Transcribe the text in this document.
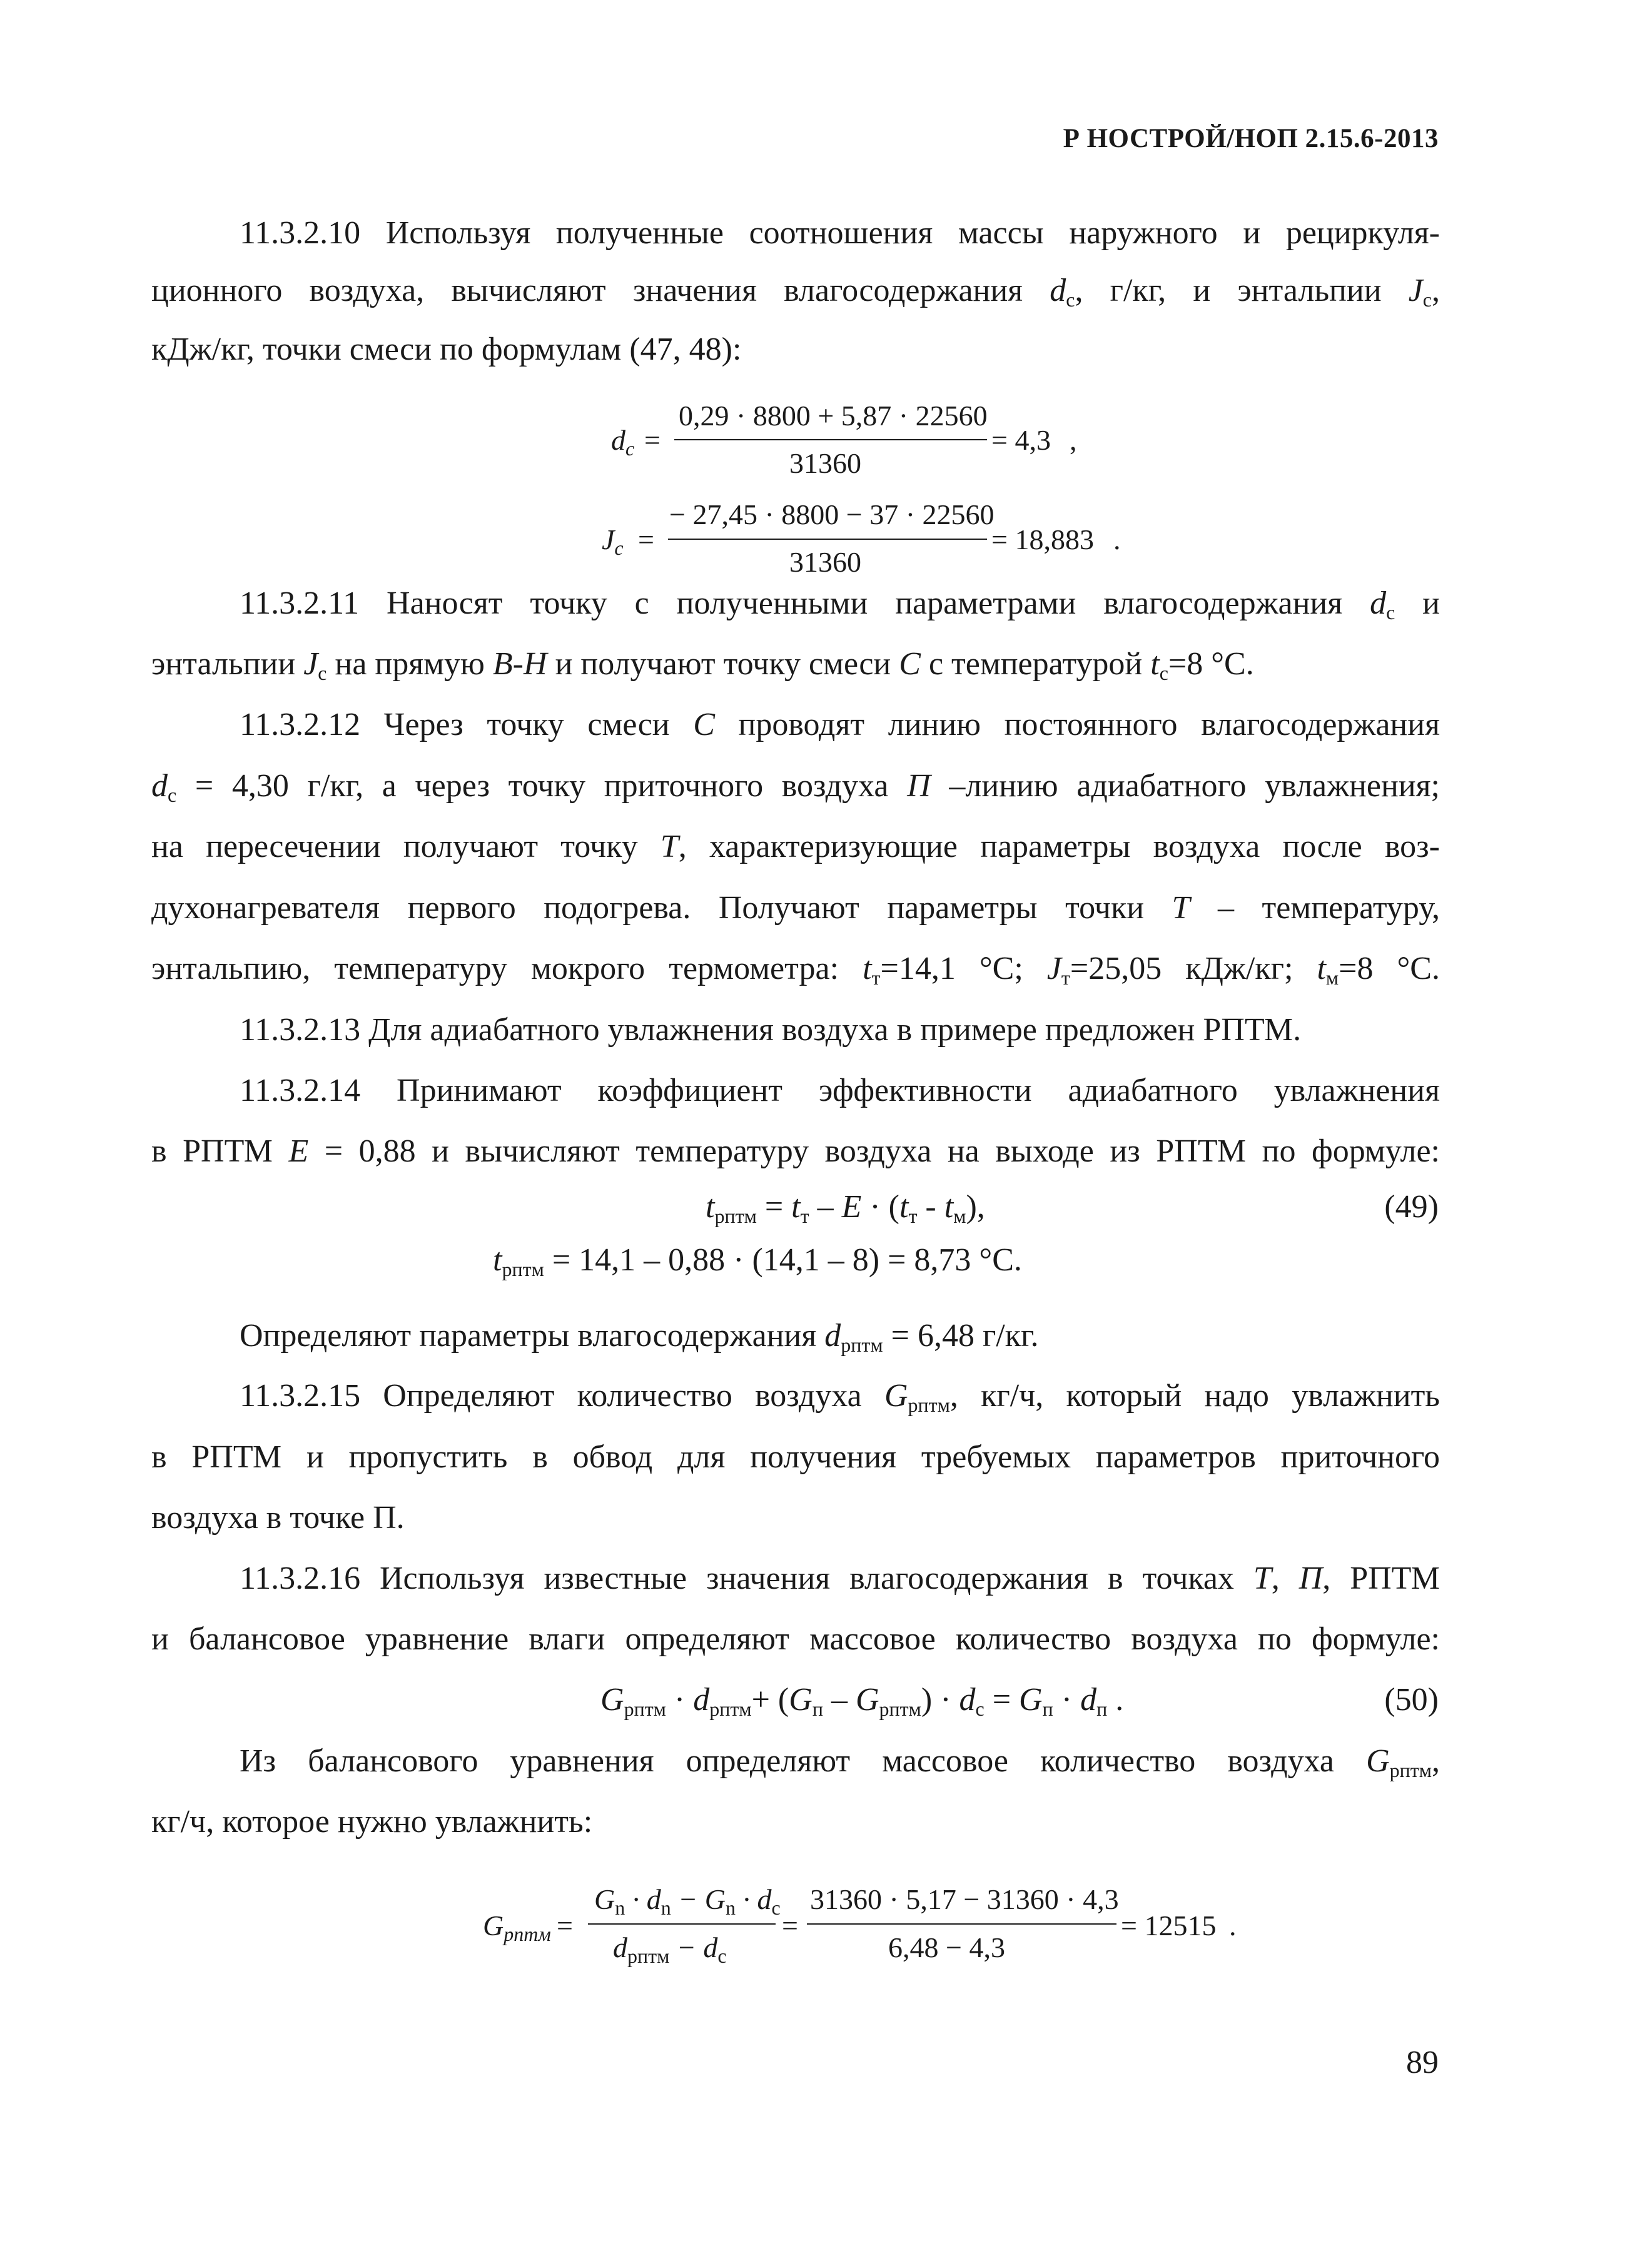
Р НОСТРОЙ/НОП 2.15.6-2013
11.3.2.10 Используя полученные соотношения массы наружного и рециркуля-
ционного воздуха, вычисляют значения влагосодержания $d_с$, г/кг, и энтальпии $J_с$,
кДж/кг, точки смеси по формулам (47, 48):
$d_c$ =
0,29 · 8800 + 5,87 · 22560
31360
= 4,3 ,
$J_c$ =
− 27,45 · 8800 − 37 · 22560
31360
= 18,883 .
11.3.2.11 Наносят точку с полученными параметрами влагосодержания $d_с$ и
энтальпии $J_с$ на прямую В-Н и получают точку смеси С с температурой $t_с=8$ °С.
11.3.2.12 Через точку смеси С проводят линию постоянного влагосодержания
$d_с = 4,30$ г/кг, а через точку приточного воздуха П –линию адиабатного увлажнения;
на пересечении получают точку Т, характеризующие параметры воздуха после воз-
духонагревателя первого подогрева. Получают параметры точки Т – температуру,
энтальпию, температуру мокрого термометра: $t_т=14,1$ °С; $J_т=25,05$ кДж/кг; $t_м=8$ °С.
11.3.2.13 Для адиабатного увлажнения воздуха в примере предложен РПТМ.
11.3.2.14 Принимают коэффициент эффективности адиабатного увлажнения
в РПТМ Е = 0,88 и вычисляют температуру воздуха на выходе из РПТМ по формуле:
$t_{рптм} = t_т - Е \cdot (t_т - t_м)$,	(49)
$t_{рптм} = 14,1 - 0,88 \cdot (14,1 - 8) = 8,73$ °С.
Определяют параметры влагосодержания $d_{рптм} = 6,48$ г/кг.
11.3.2.15 Определяют количество воздуха $G_{рптм}$, кг/ч, который надо увлажнить
в РПТМ и пропустить в обвод для получения требуемых параметров приточного
воздуха в точке П.
11.3.2.16 Используя известные значения влагосодержания в точках Т, П, РПТМ
и балансовое уравнение влаги определяют массовое количество воздуха по формуле:
$G_{рптм} \cdot d_{рптм}+ (G_п - G_{рптм}) \cdot d_с = G_п \cdot d_п$ .	(50)
Из балансового уравнения определяют массовое количество воздуха $G_{рптм}$,
кг/ч, которое нужно увлажнить:
$G_{pптм}$ =
$G_n \cdot d_n - G_n \cdot d_c$
$d_{pптм} - d_c$
=
31360 · 5,17 − 31360 · 4,3
6,48 − 4,3
= 12515 .
89
